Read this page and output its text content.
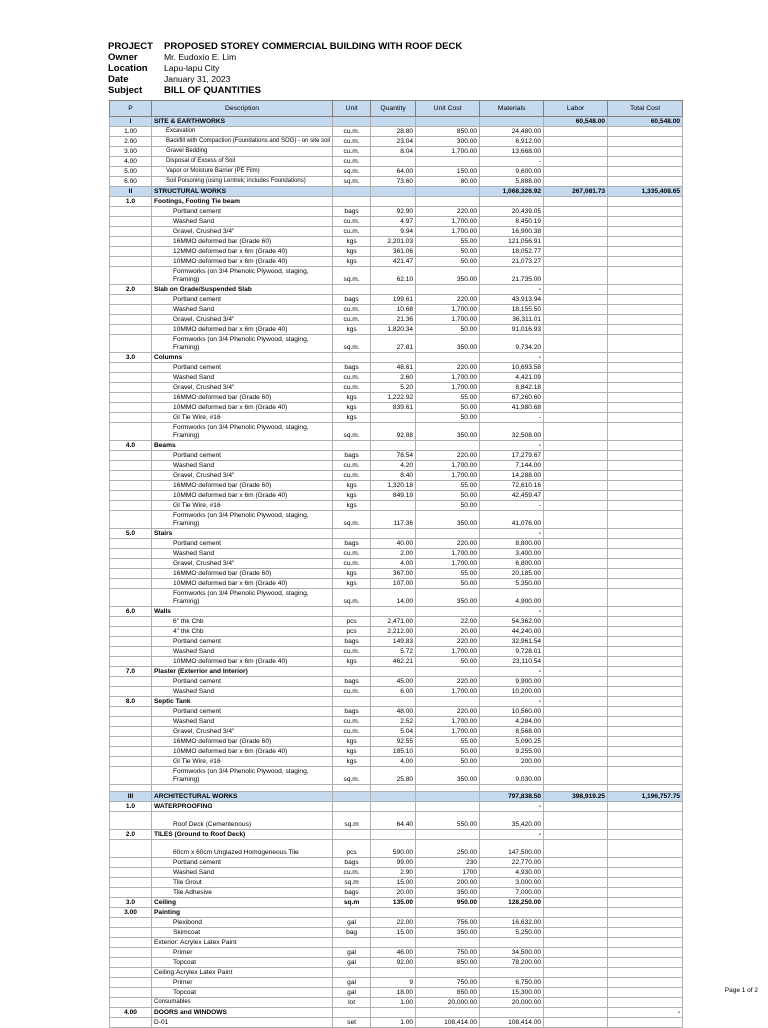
PROJECT	PROPOSED STOREY COMMERCIAL BUILDING WITH ROOF DECK
Owner	Mr. Eudoxio E. Lim
Location	Lapu-lapu City
Date	January 31, 2023
Subject	BILL OF QUANTITIES
P	Description	Unit	Quantity	Unit Cost	Materials	Labor	Total Cost
I	SITE & EARTHWORKS					60,548.00	60,548.00
1.00	Excavation	cu.m.	28.80	850.00	24,480.00		
2.00	Backfill with Compaction (Foundations and SOG) - on site soil	cu.m.	23.04	300.00	6,912.00		
3.00	Gravel Bedding	cu.m.	8.04	1,700.00	13,668.00		
4.00	Disposal of Excess of Soil	cu.m.			-		
5.00	Vapor or Moisture Barrier (PE Film)	sq.m.	64.00	150.00	9,600.00		
6.00	Soil Poisoning (using Lentrek; includes Foundations)	sq.m.	73.60	80.00	5,888.00		
II	STRUCTURAL WORKS				1,068,326.92	267,081.73	1,335,408.65
1.0	Footings, Footing Tie beam						
	Portland cement	bags	92.90	220.00	20,439.05		
	Washed Sand	cu.m.	4.97	1,700.00	8,450.19		
	Gravel, Crushed 3/4"	cu.m.	9.94	1,700.00	16,900.38		
	16MMO deformed bar (Grade 60)	kgs	2,201.03	55.00	121,056.91		
	12MMO deformed bar x 6m (Grade 40)	kgs	361.06	50.00	18,052.77		
	10MMO deformed bar x 6m (Grade 40)	kgs	421.47	50.00	21,073.27		
	Formworks (on 3/4 Phenolic Plywood, staging, Framing)	sq.m.	62.10	350.00	21,735.00		
2.0	Slab on Grade/Suspended Slab				-		
	Portland cement	bags	199.61	220.00	43,913.94		
	Washed Sand	cu.m.	10.68	1,700.00	18,155.50		
	Gravel, Crushed 3/4"	cu.m.	21.36	1,700.00	36,311.01		
	10MMO deformed bar x 6m (Grade 40)	kgs	1,820.34	50.00	91,016.93		
	Formworks (on 3/4 Phenolic Plywood, staging, Framing)	sq.m.	27.81	350.00	9,734.20		
3.0	Columns				-		
	Portland cement	bags	48.61	220.00	10,693.58		
	Washed Sand	cu.m.	2.60	1,700.00	4,421.09		
	Gravel, Crushed 3/4"	cu.m.	5.20	1,700.00	8,842.18		
	16MMO deformed bar (Grade 60)	kgs	1,222.92	55.00	67,260.60		
	10MMO deformed bar x 6m (Grade 40)	kgs	839.61	50.00	41,980.68		
	GI Tie Wire, #16	kgs		50.00	-		
	Formworks (on 3/4 Phenolic Plywood, staging, Framing)	sq.m.	92.88	350.00	32,508.00		
4.0	Beams				-		
	Portland cement	bags	78.54	220.00	17,279.67		
	Washed Sand	cu.m.	4.20	1,700.00	7,144.00		
	Gravel, Crushed 3/4"	cu.m.	8.40	1,700.00	14,288.00		
	16MMO deformed bar (Grade 60)	kgs	1,320.18	55.00	72,610.16		
	10MMO deformed bar x 6m (Grade 40)	kgs	849.19	50.00	42,459.47		
	GI Tie Wire, #16	kgs		50.00	-		
	Formworks (on 3/4 Phenolic Plywood, staging, Framing)	sq.m.	117.36	350.00	41,076.00		
5.0	Stairs				-		
	Portland cement	bags	40.00	220.00	8,800.00		
	Washed Sand	cu.m.	2.00	1,700.00	3,400.00		
	Gravel, Crushed 3/4"	cu.m.	4.00	1,700.00	6,800.00		
	16MMO deformed bar (Grade 60)	kgs	367.00	55.00	20,185.00		
	10MMO deformed bar x 6m (Grade 40)	kgs	107.00	50.00	5,350.00		
	Formworks (on 3/4 Phenolic Plywood, staging, Framing)	sq.m.	14.00	350.00	4,900.00		
6.0	Walls				-		
	6" thk Chb	pcs	2,471.00	22.00	54,362.00		
	4" thk Chb	pcs	2,212.00	20.00	44,240.00		
	Portland cement	bags	149.83	220.00	32,961.54		
	Washed Sand	cu.m.	5.72	1,700.00	9,728.01		
	10MMO deformed bar x 6m (Grade 40)	kgs	462.21	50.00	23,110.54		
7.0	Plaster (Exterrior and Interior)				-		
	Portland cement	bags	45.00	220.00	9,900.00		
	Washed Sand	cu.m.	6.00	1,700.00	10,200.00		
8.0	Septic Tank				-		
	Portland cement	bags	48.00	220.00	10,560.00		
	Washed Sand	cu.m.	2.52	1,700.00	4,284.00		
	Gravel, Crushed 3/4"	cu.m.	5.04	1,700.00	8,568.00		
	16MMO deformed bar (Grade 60)	kgs	92.55	55.00	5,090.25		
	10MMO deformed bar x 6m (Grade 40)	kgs	185.10	50.00	9,255.00		
	GI Tie Wire, #16	kgs	4.00	50.00	200.00		
	Formworks (on 3/4 Phenolic Plywood, staging, Framing)	sq.m.	25.80	350.00	9,030.00		

III	ARCHITECTURAL WORKS				797,838.50	398,919.25	1,196,757.75
1.0	WATERPROOFING				-		
	Roof Deck (Cementenous)	sq.m	64.40	550.00	35,420.00		
2.0	TILES (Ground to Roof Deck)				-		
	60cm x 60cm Unglazed Homogeneous Tile	pcs	590.00	250.00	147,500.00		
	Portland cement	bags	99.00	230	22,770.00		
	Washed Sand	cu.m.	2.90	1700	4,930.00		
	Tile Grout	sq.m	15.00	200.00	3,000.00		
	Tile Adhesive	bags	20.00	350.00	7,000.00		
3.0	Ceiling	sq.m	135.00	950.00	128,250.00		
3.00	Painting						
	Plexibond	gal	22.00	756.00	16,632.00		
	Skimcoat	bag	15.00	350.00	5,250.00		
	Exterior: Acrylex Latex Paint						
	Primer	gal	46.00	750.00	34,500.00		
	Topcoat	gal	92.00	850.00	78,200.00		
	Ceiling:Acrylex Latex Paint						
	Primer	gal	9	750.00	6,750.00		
	Topcoat	gal	18.00	850.00	15,300.00		
	Consumables	lot	1.00	20,000.00	20,000.00		
4.00	DOORS and WINDOWS						-
	D-01	set	1.00	108,414.00	108,414.00		
Page 1 of 2
